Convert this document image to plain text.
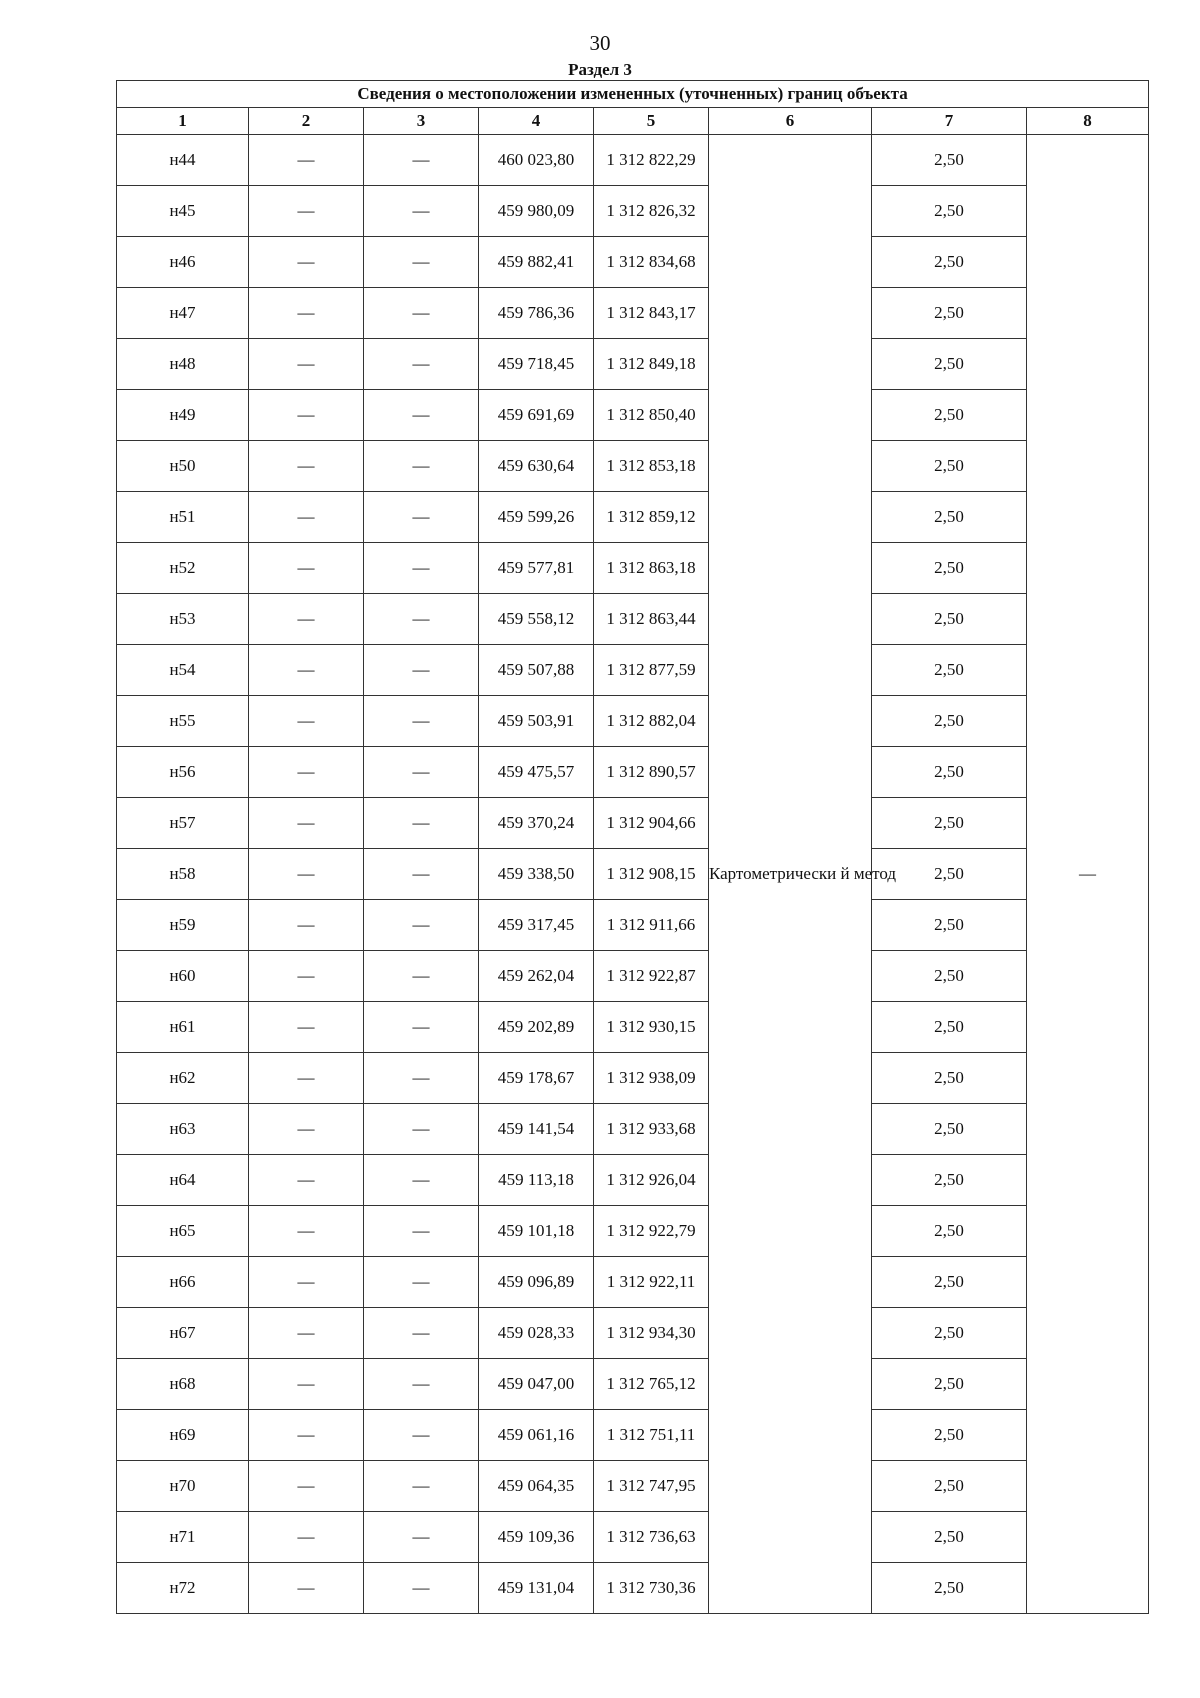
30
Раздел 3
Сведения о местоположении измененных (уточненных) границ объекта							
1	2	3	4	5	6	7	8
н44	—	—	460 023,80	1 312 822,29	Картометрически й метод	2,50	—
н45	—	—	459 980,09	1 312 826,32		2,50	
н46	—	—	459 882,41	1 312 834,68		2,50	
н47	—	—	459 786,36	1 312 843,17		2,50	
н48	—	—	459 718,45	1 312 849,18		2,50	
н49	—	—	459 691,69	1 312 850,40		2,50	
н50	—	—	459 630,64	1 312 853,18		2,50	
н51	—	—	459 599,26	1 312 859,12		2,50	
н52	—	—	459 577,81	1 312 863,18		2,50	
н53	—	—	459 558,12	1 312 863,44		2,50	
н54	—	—	459 507,88	1 312 877,59		2,50	
н55	—	—	459 503,91	1 312 882,04		2,50	
н56	—	—	459 475,57	1 312 890,57		2,50	
н57	—	—	459 370,24	1 312 904,66		2,50	
н58	—	—	459 338,50	1 312 908,15		2,50	
н59	—	—	459 317,45	1 312 911,66		2,50	
н60	—	—	459 262,04	1 312 922,87		2,50	
н61	—	—	459 202,89	1 312 930,15		2,50	
н62	—	—	459 178,67	1 312 938,09		2,50	
н63	—	—	459 141,54	1 312 933,68		2,50	
н64	—	—	459 113,18	1 312 926,04		2,50	
н65	—	—	459 101,18	1 312 922,79		2,50	
н66	—	—	459 096,89	1 312 922,11		2,50	
н67	—	—	459 028,33	1 312 934,30		2,50	
н68	—	—	459 047,00	1 312 765,12		2,50	
н69	—	—	459 061,16	1 312 751,11		2,50	
н70	—	—	459 064,35	1 312 747,95		2,50	
н71	—	—	459 109,36	1 312 736,63		2,50	
н72	—	—	459 131,04	1 312 730,36		2,50	
